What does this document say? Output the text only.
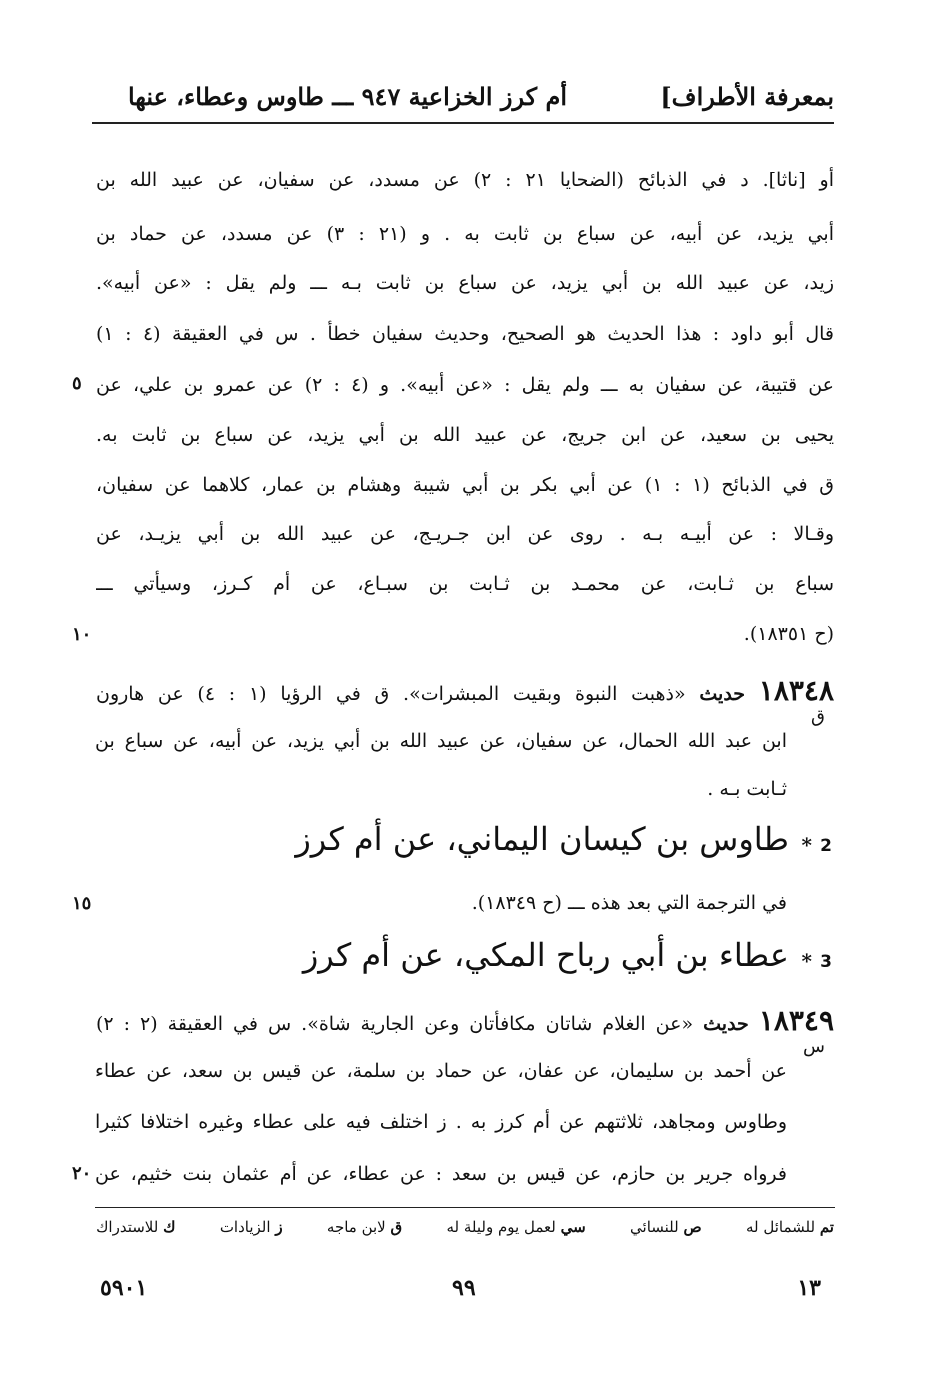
بمعرفة الأطراف]
أم كرز الخزاعية ٩٤٧ ـــ طاوس وعطاء، عنها
أو [ناثا]. د في الذبائح (الضحايا ٢١ : ٢) عن مسدد، عن سفيان، عن عبيد الله بن
أبي يزيد، عن أبيه، عن سباع بن ثابت به . و (٢١ : ٣) عن مسدد، عن حماد بن
زيد، عن عبيد الله بن أبي يزيد، عن سباع بن ثابت بـه ـــ ولم يقل : «عن أبيه».
قال أبو داود : هذا الحديث هو الصحيح، وحديث سفيان خطأ . س في العقيقة (٤ : ١)
عن قتيبة، عن سفيان به ـــ ولم يقل : «عن أبيه». و (٤ : ٢) عن عمرو بن علي، عن
٥
يحيى بن سعيد، عن ابن جريج، عن عبيد الله بن أبي يزيد، عن سباع بن ثابت به.
ق في الذبائح (١ : ١) عن أبي بكر بن أبي شيبة وهشام بن عمار، كلاهما عن سفيان،
وقـالا : عن أبيـه بـه . روى عن ابن جـريـج، عن عبيد الله بن أبي يزيـد، عن
سباع بن ثـابت، عن محمـد بن ثـابت بن سبـاع، عن أم كـرز، وسيأتي ـــ
(ح ١٨٣٥١).
١٠
١٨٣٤٨ حديث «ذهبت النبوة وبقيت المبشرات». ق في الرؤيا (١ : ٤) عن هارون
ق
ابن عبد الله الحمال، عن سفيان، عن عبيد الله بن أبي يزيد، عن أبيه، عن سباع بن
ثـابت بـه .
2
*
طاوس بن كيسان اليماني، عن أم كرز
في الترجمة التي بعد هذه ـــ (ح ١٨٣٤٩).
١٥
3
*
عطاء بن أبي رباح المكي، عن أم كرز
١٨٣٤٩ حديث «عن الغلام شاتان مكافأتان وعن الجارية شاة». س في العقيقة (٢ : ٢)
س
عن أحمد بن سليمان، عن عفان، عن حماد بن سلمة، عن قيس بن سعد، عن عطاء
وطاوس ومجاهد، ثلاثتهم عن أم كرز به . ز اختلف فيه على عطاء وغيره اختلافا كثيرا
فرواه جرير بن حازم، عن قيس بن سعد : عن عطاء، عن أم عثمان بنت خثيم، عن
٢٠
تم للشمائل له
ص للنسائي
سي لعمل يوم وليلة له
ق لابن ماجه
ز الزيادات
ك للاستدراك
١٣
٩٩
٥٩٠١
